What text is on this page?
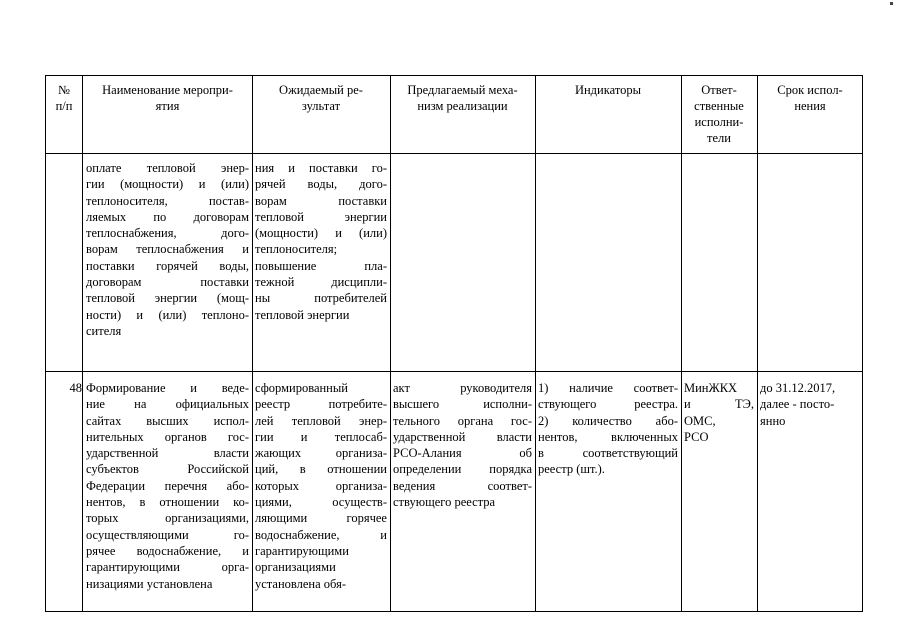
№
п/п
Наименование меропри-
ятия
Ожидаемый ре-
зультат
Предлагаемый меха-
низм реализации
Индикаторы	Ответ-
ственные
исполни-
тели
Срок испол-
нения
оплате тепловой энер-
гии (мощности) и (или)
теплоносителя, постав-
ляемых по договорам
теплоснабжения, дого-
ворам теплоснабжения и
поставки горячей воды,
договорам поставки
тепловой энергии (мощ-
ности) и (или) теплоно-
сителя
ния и поставки го-
рячей воды, дого-
ворам поставки
тепловой энергии
(мощности) и (или)
теплоносителя;
повышение пла-
тежной дисципли-
ны потребителей
тепловой энергии
48 Формирование и веде-
ние на официальных
сайтах высших испол-
нительных органов гос-
ударственной власти
субъектов Российской
Федерации перечня або-
нентов, в отношении ко-
торых организациями,
осуществляющими го-
рячее водоснабжение, и
гарантирующими орга-
низациями установлена
сформированный
реестр потребите-
лей тепловой энер-
гии и теплосаб-
жающих организа-
ций, в отношении
которых организа-
циями, осуществ-
ляющими горячее
водоснабжение, и
гарантирующими
организациями
установлена обя-
акт руководителя
высшего исполни-
тельного органа гос-
ударственной власти
РСО-Алания об
определении порядка
ведения соответ-
ствующего реестра
1) наличие соответ-
ствующего реестра.
2) количество або-
нентов, включенных
в соответствующий
реестр (шт.).
МинЖКХ
и ТЭ,
ОМС,
РСО
до 31.12.2017,
далее - посто-
янно
